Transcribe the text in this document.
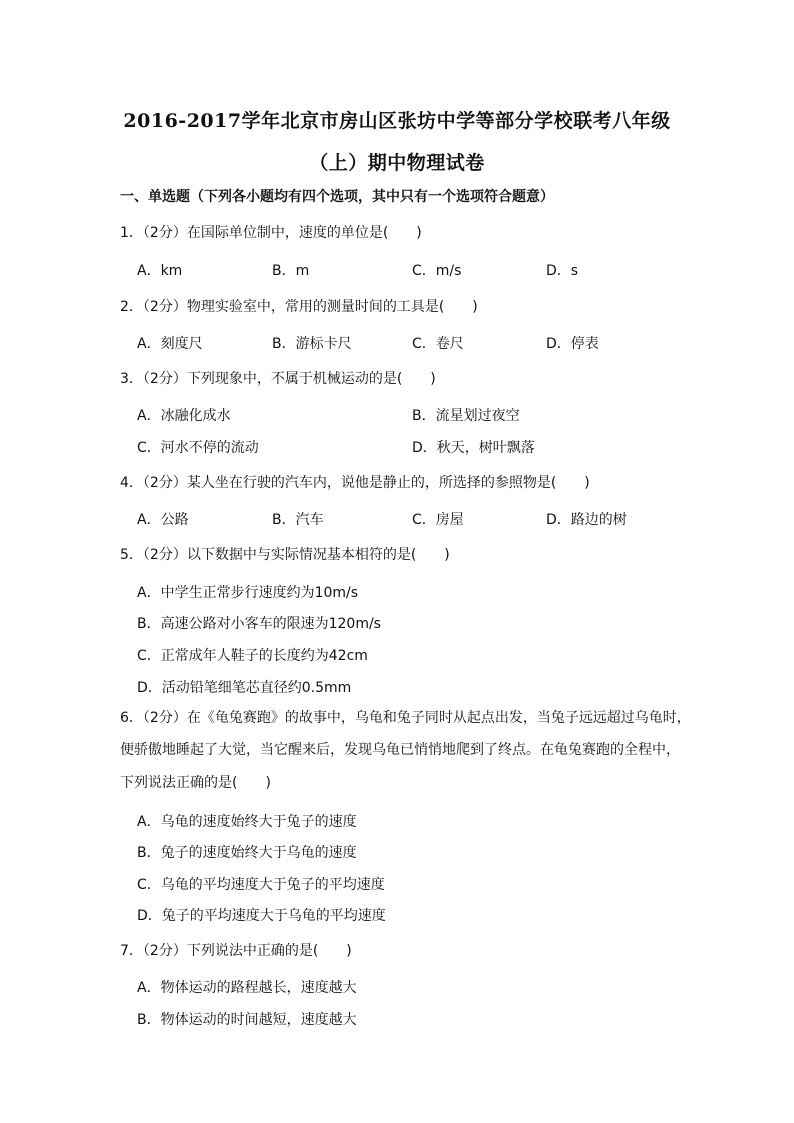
2016-2017学年北京市房山区张坊中学等部分学校联考八年级
（上）期中物理试卷
一、单选题（下列各小题均有四个选项，其中只有一个选项符合题意）
1．（2分）在国际单位制中，速度的单位是(　　)
A．km	B．m	C．m/s	D．s
2．（2分）物理实验室中，常用的测量时间的工具是(　　)
A．刻度尺	B．游标卡尺	C．卷尺	D．停表
3．（2分）下列现象中，不属于机械运动的是(　　)
A．冰融化成水	B．流星划过夜空
C．河水不停的流动	D．秋天，树叶飘落
4．（2分）某人坐在行驶的汽车内，说他是静止的，所选择的参照物是(　　)
A．公路	B．汽车	C．房屋	D．路边的树
5．（2分）以下数据中与实际情况基本相符的是(　　)
A．中学生正常步行速度约为10m/s
B．高速公路对小客车的限速为120m/s
C．正常成年人鞋子的长度约为42cm
D．活动铅笔细笔芯直径约0.5mm
6．（2分）在《龟兔赛跑》的故事中，乌龟和兔子同时从起点出发，当兔子远远超过乌龟时，
便骄傲地睡起了大觉，当它醒来后，发现乌龟已悄悄地爬到了终点。在龟兔赛跑的全程中，
下列说法正确的是(　　)
A．乌龟的速度始终大于兔子的速度
B．兔子的速度始终大于乌龟的速度
C．乌龟的平均速度大于兔子的平均速度
D．兔子的平均速度大于乌龟的平均速度
7．（2分）下列说法中正确的是(　　)
A．物体运动的路程越长，速度越大
B．物体运动的时间越短，速度越大
